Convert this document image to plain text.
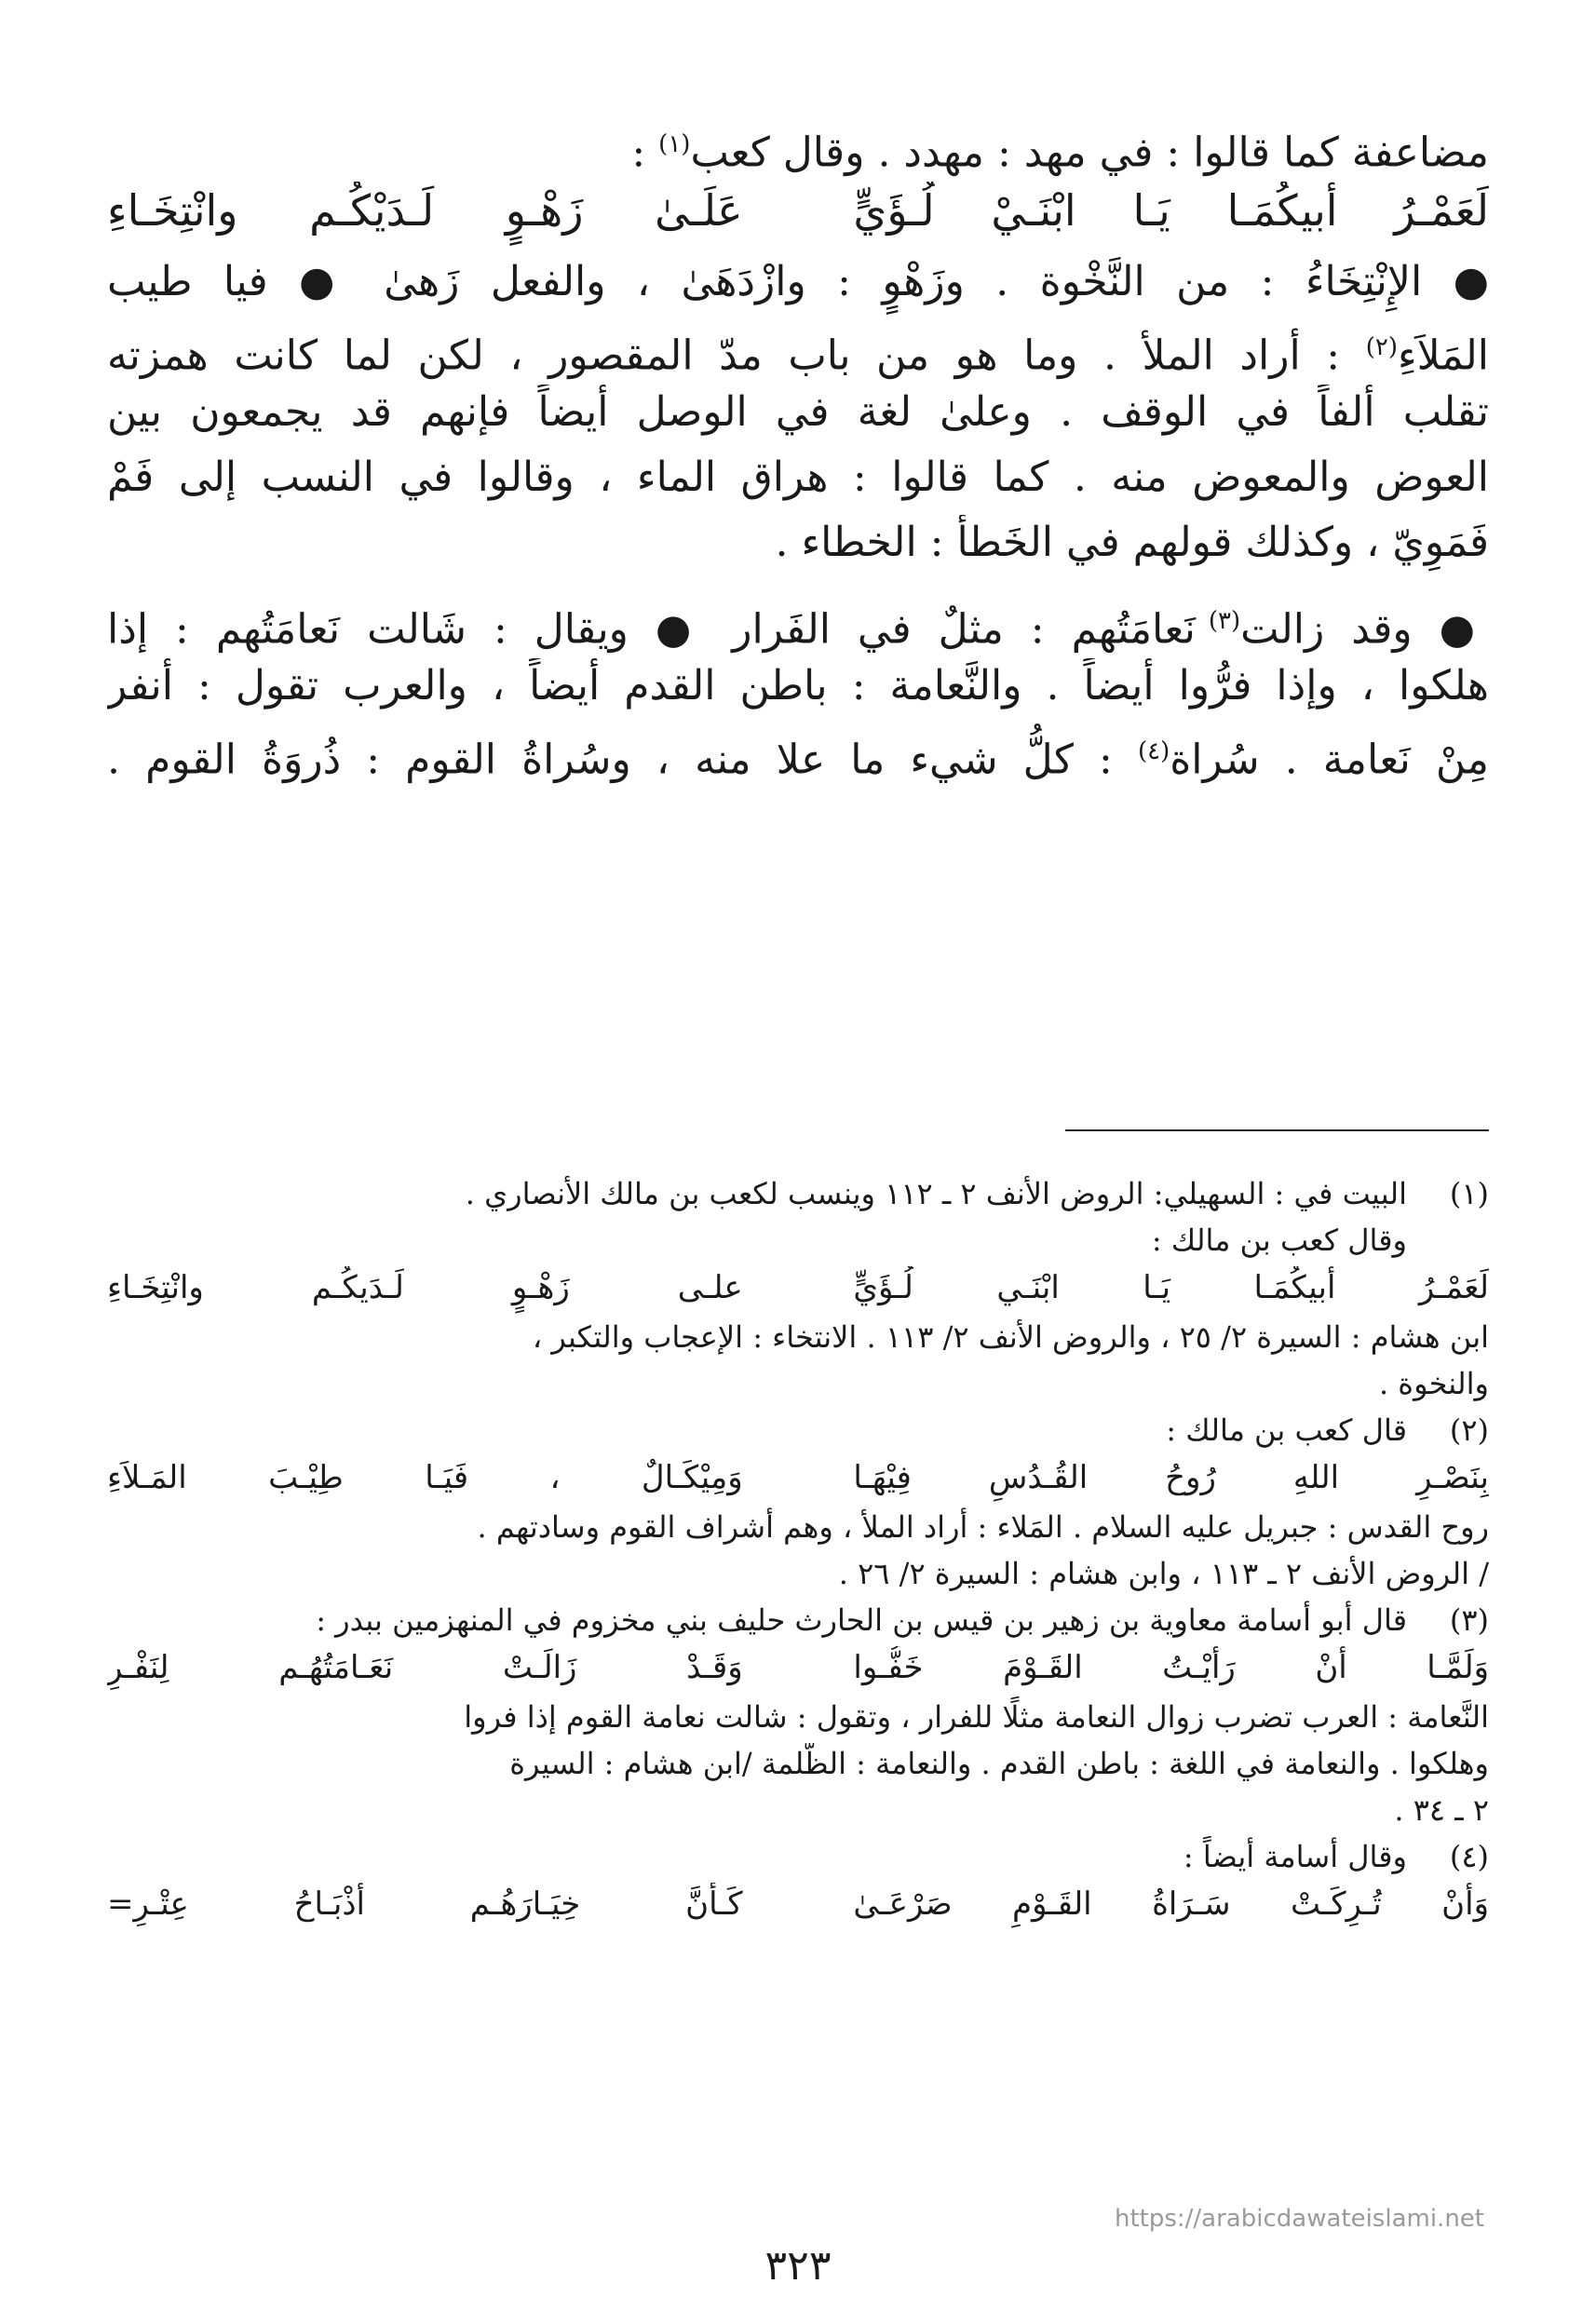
مضاعفة كما قالوا : في مهد : مهدد . وقال كعب$^{(١)}$ :

لَعَمْـرُ أبيكُمَـا يَـا ابْنَـيْ لُـؤَيٍّ
عَلَـىٰ زَهْـوٍ لَـدَيْكُـم وانْتِخَـاءِ

● الإِنْتِخَاءُ : من النَّخْوة . وزَهْوٍ : وازْدَهَىٰ ، والفعل زَهىٰ ● فيا طيب

المَلاَءِ$^{(٢)}$ : أراد الملأ . وما هو من باب مدّ المقصور ، لكن لما كانت همزته

تقلب ألفاً في الوقف . وعلىٰ لغة في الوصل أيضاً فإنهم قد يجمعون بين

العوض والمعوض منه . كما قالوا : هراق الماء ، وقالوا في النسب إلى فَمْ

فَمَوِيّ ، وكذلك قولهم في الخَطأ : الخطاء .

● وقد زالت$^{(٣)}$ نَعامَتُهم : مثلٌ في الفَرار ● ويقال : شَالت نَعامَتُهم : إذا

هلكوا ، وإذا فرُّوا أيضاً . والنَّعامة : باطن القدم أيضاً ، والعرب تقول : أنفر

مِنْ نَعامة . سُراة$^{(٤)}$ : كلُّ شيء ما علا منه ، وسُراةُ القوم : ذُروَةُ القوم .

(١)البيت في : السهيلي: الروض الأنف ٢ ـ ١١٢ وينسب لكعب بن مالك الأنصاري .

وقال كعب بن مالك :

لَعَمْـرُ أبيكُمَـا يَـا ابْنَـي لُـؤَيٍّ
علـى زَهْـوٍ لَـدَيكُـم وانْتِخَـاءِ

ابن هشام : السيرة ٢/ ٢٥ ، والروض الأنف ٢/ ١١٣ . الانتخاء : الإعجاب والتكبر ،

والنخوة .

(٢)قال كعب بن مالك :

بِنَصْـرِ اللهِ رُوحُ القُـدُسِ فِيْهَـا
وَمِيْكَـالٌ ، فَيَـا طِيْـبَ المَـلاَءِ

روح القدس : جبريل عليه السلام . المَلاء : أراد الملأ ، وهم أشراف القوم وسادتهم .

/ الروض الأنف ٢ ـ ١١٣ ، وابن هشام : السيرة ٢/ ٢٦ .

(٣)قال أبو أسامة معاوية بن زهير بن قيس بن الحارث حليف بني مخزوم في المنهزمين ببدر :

وَلَمَّـا أَنْ رَأَيْـتُ القَـوْمَ خَفُّـوا
وَقَـدْ زَالَـتْ نَعَـامَتُهُـم لِنَفْـرِ

النَّعامة : العرب تضرب زوال النعامة مثلًا للفرار ، وتقول : شالت نعامة القوم إذا فروا

وهلكوا . والنعامة في اللغة : باطن القدم . والنعامة : الظُّلمة /ابن هشام : السيرة

٢ ـ ٣٤ .

(٤)وقال أسامة أيضاً :

وَأَنْ تُـرِكَـتْ سَـرَاةُ القَـوْمِ صَرْعَـىٰ
كَـأَنَّ خِيَـارَهُـم أَذْبَـاحُ عِتْـرِ=
https://arabicdawateislami.net
٣٢٣
